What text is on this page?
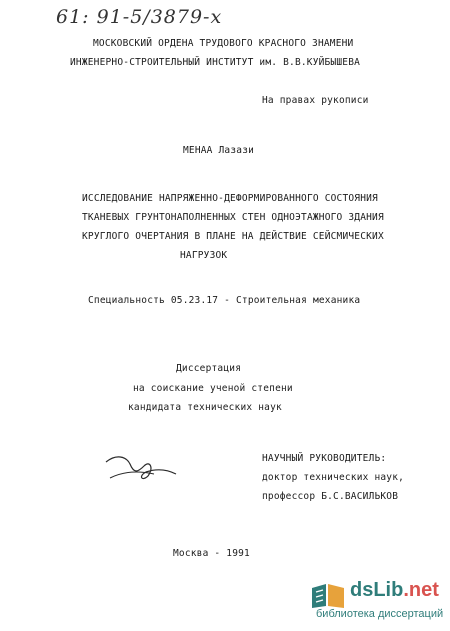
61: 91-5/3879-х
МОСКОВСКИЙ ОРДЕНА ТРУДОВОГО КРАСНОГО ЗНАМЕНИ
ИНЖЕНЕРНО-СТРОИТЕЛЬНЫЙ ИНСТИТУТ им. В.В.КУЙБЫШЕВА
На правах рукописи
МЕНАА Лазази
ИССЛЕДОВАНИЕ НАПРЯЖЕННО-ДЕФОРМИРОВАННОГО СОСТОЯНИЯ
ТКАНЕВЫХ ГРУНТОНАПОЛНЕННЫХ СТЕН ОДНОЭТАЖНОГО ЗДАНИЯ
КРУГЛОГО ОЧЕРТАНИЯ В ПЛАНЕ НА ДЕЙСТВИЕ СЕЙСМИЧЕСКИХ
НАГРУЗОК
Специальность 05.23.17 - Строительная механика
Диссертация
на соискание ученой степени
кандидата технических наук
НАУЧНЫЙ РУКОВОДИТЕЛЬ:
доктор технических наук,
профессор Б.С.ВАСИЛЬКОВ
Москва - 1991
dsLib.net
библиотека диссертаций
